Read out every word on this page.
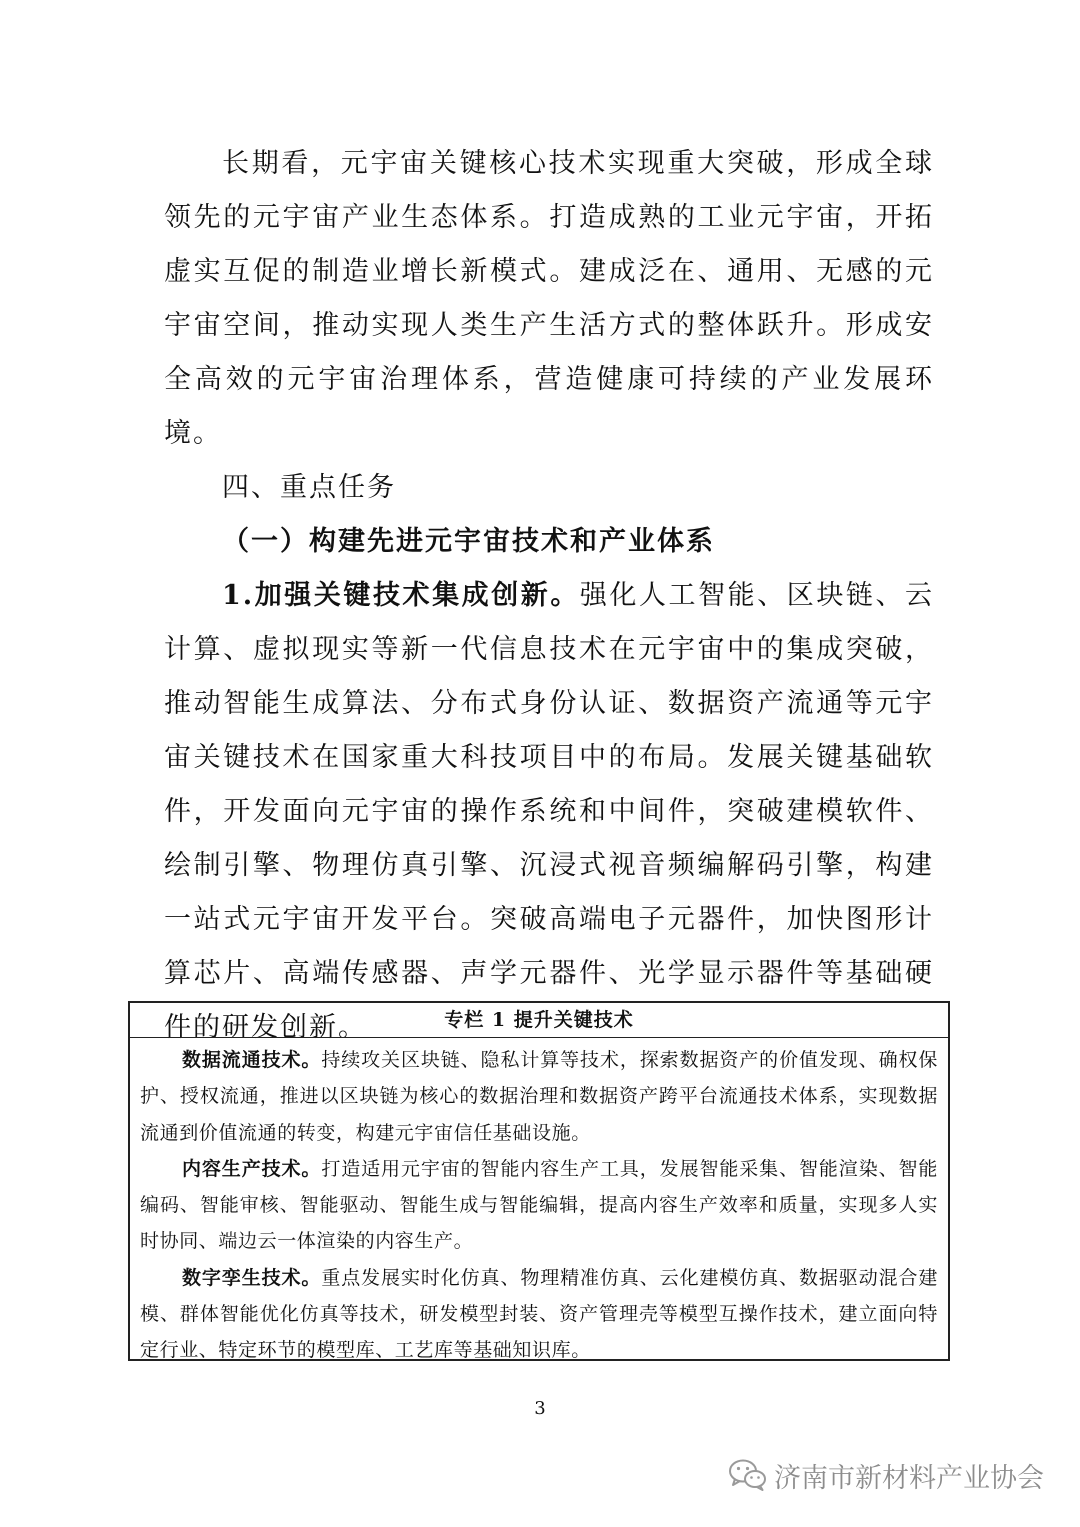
长期看，元宇宙关键核心技术实现重大突破，形成全球领先的元宇宙产业生态体系。打造成熟的工业元宇宙，开拓虚实互促的制造业增长新模式。建成泛在、通用、无感的元宇宙空间，推动实现人类生产生活方式的整体跃升。形成安全高效的元宇宙治理体系，营造健康可持续的产业发展环境。

四、重点任务

（一）构建先进元宇宙技术和产业体系

1.加强关键技术集成创新。强化人工智能、区块链、云计算、虚拟现实等新一代信息技术在元宇宙中的集成突破，推动智能生成算法、分布式身份认证、数据资产流通等元宇宙关键技术在国家重大科技项目中的布局。发展关键基础软件，开发面向元宇宙的操作系统和中间件，突破建模软件、绘制引擎、物理仿真引擎、沉浸式视音频编解码引擎，构建一站式元宇宙开发平台。突破高端电子元器件，加快图形计算芯片、高端传感器、声学元器件、光学显示器件等基础硬件的研发创新。	专栏 1 提升关键技术

数据流通技术。持续攻关区块链、隐私计算等技术，探索数据资产的价值发现、确权保护、授权流通，推进以区块链为核心的数据治理和数据资产跨平台流通技术体系，实现数据流通到价值流通的转变，构建元宇宙信任基础设施。

内容生产技术。打造适用元宇宙的智能内容生产工具，发展智能采集、智能渲染、智能编码、智能审核、智能驱动、智能生成与智能编辑，提高内容生产效率和质量，实现多人实时协同、端边云一体渲染的内容生产。

数字孪生技术。重点发展实时化仿真、物理精准仿真、云化建模仿真、数据驱动混合建模、群体智能优化仿真等技术，研发模型封装、资产管理壳等模型互操作技术，建立面向特定行业、特定环节的模型库、工艺库等基础知识库。

3
济南市新材料产业协会
